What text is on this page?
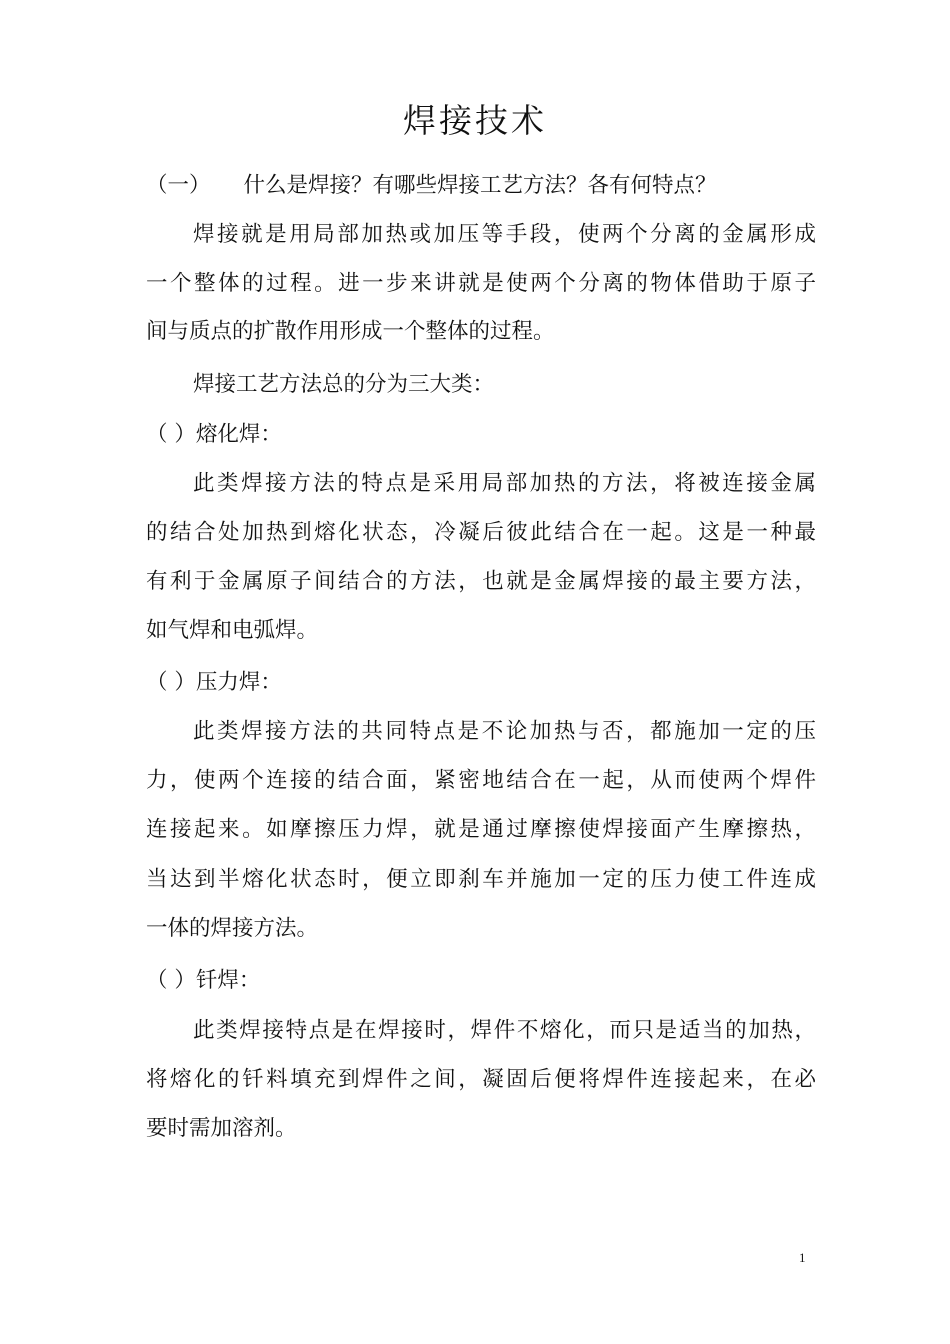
焊接技术
（一） 什么是焊接？有哪些焊接工艺方法？各有何特点？
焊接就是用局部加热或加压等手段，使两个分离的金属形成
一个整体的过程。进一步来讲就是使两个分离的物体借助于原子
间与质点的扩散作用形成一个整体的过程。
焊接工艺方法总的分为三大类：
（ ）熔化焊：
此类焊接方法的特点是采用局部加热的方法，将被连接金属
的结合处加热到熔化状态，冷凝后彼此结合在一起。这是一种最
有利于金属原子间结合的方法，也就是金属焊接的最主要方法，
如气焊和电弧焊。
（ ）压力焊：
此类焊接方法的共同特点是不论加热与否，都施加一定的压
力，使两个连接的结合面，紧密地结合在一起，从而使两个焊件
连接起来。如摩擦压力焊，就是通过摩擦使焊接面产生摩擦热，
当达到半熔化状态时，便立即刹车并施加一定的压力使工件连成
一体的焊接方法。
（ ）钎焊：
此类焊接特点是在焊接时，焊件不熔化，而只是适当的加热，
将熔化的钎料填充到焊件之间，凝固后便将焊件连接起来，在必
要时需加溶剂。
1
